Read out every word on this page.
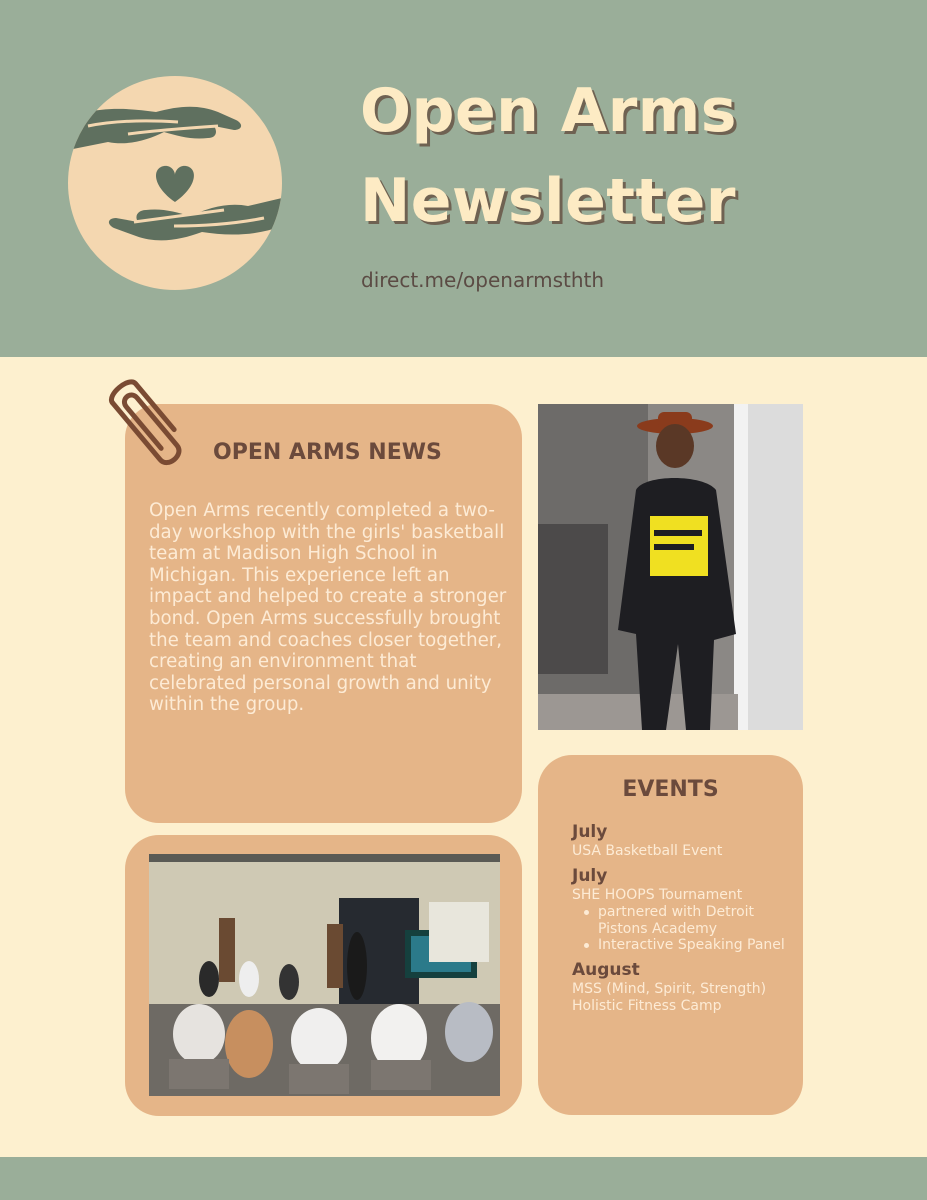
Open Arms
Newsletter
direct.me/openarmsthth
OPEN ARMS NEWS
Open Arms recently completed a two-day workshop with the girls' basketball team at Madison High School in Michigan. This experience left an impact and helped to create a stronger bond. Open Arms successfully brought the team and coaches closer together, creating an environment that celebrated personal growth and unity within the group.
EVENTS
July
USA Basketball Event
July
SHE HOOPS Tournament
partnered with Detroit Pistons Academy
Interactive Speaking Panel
August
MSS (Mind, Spirit, Strength) Holistic Fitness Camp
